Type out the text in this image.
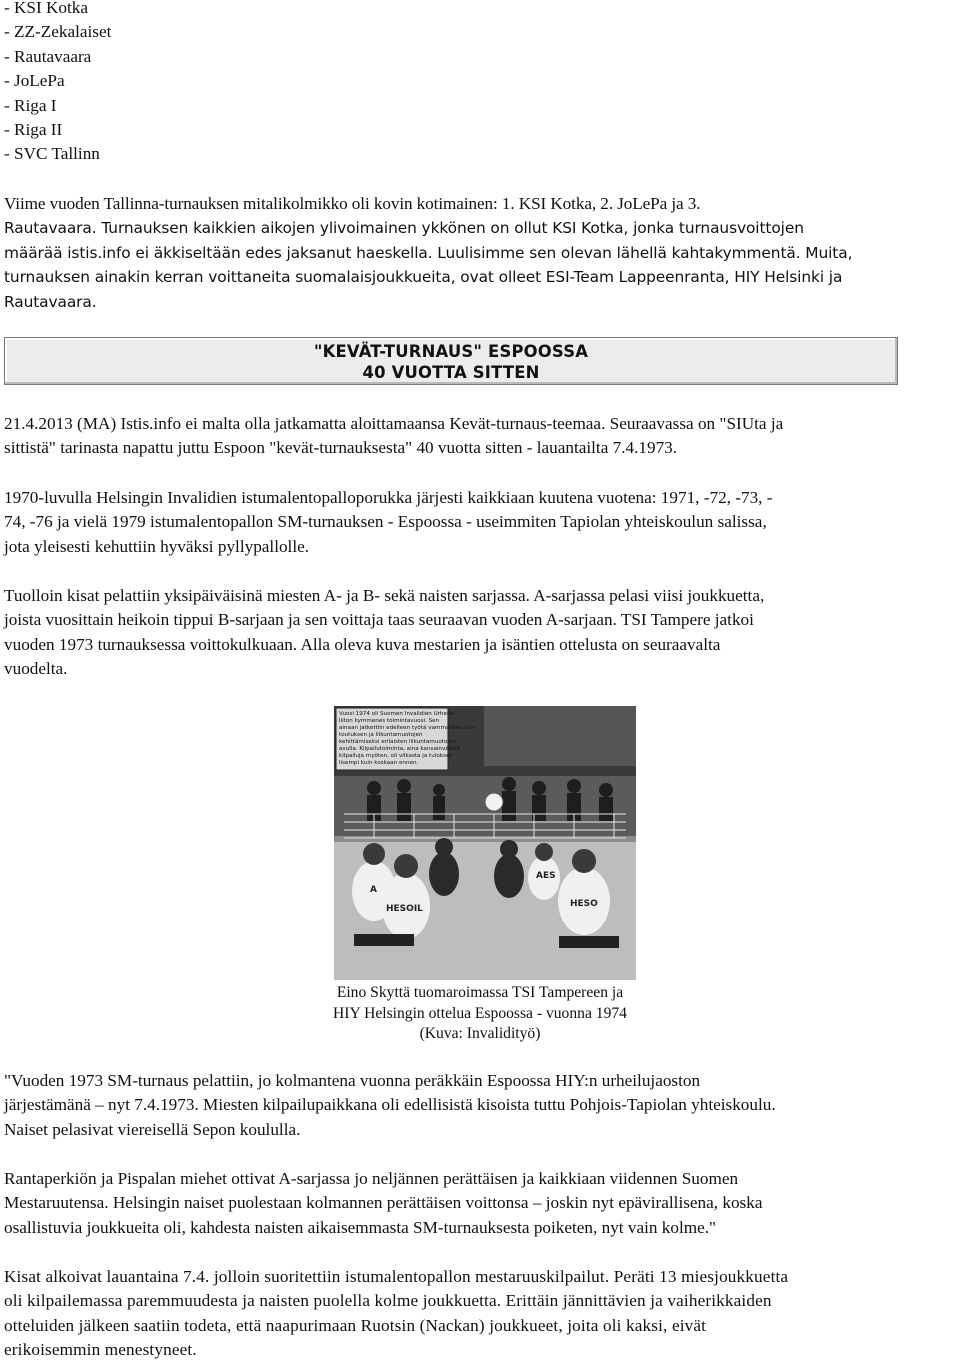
- KSI Kotka
- ZZ-Zekalaiset
- Rautavaara
- JoLePa
- Riga I
- Riga II
- SVC Tallinn
Viime vuoden Tallinna-turnauksen mitalikolmikko oli kovin kotimainen: 1. KSI Kotka, 2. JoLePa ja 3.
Rautavaara. Turnauksen kaikkien aikojen ylivoimainen ykkönen on ollut KSI Kotka, jonka turnausvoittojen
määrää istis.info ei äkkiseltään edes jaksanut haeskella. Luulisimme sen olevan lähellä kahtakymmentä. Muita,
turnauksen ainakin kerran voittaneita suomalaisjoukkueita, ovat olleet ESI-Team Lappeenranta, HIY Helsinki ja
Rautavaara.
"KEVÄT-TURNAUS" ESPOOSSA
40 VUOTTA SITTEN
21.4.2013 (MA) Istis.info ei malta olla jatkamatta aloittamaansa Kevät-turnaus-teemaa. Seuraavassa on "SIUta ja
sittistä" tarinasta napattu juttu Espoon "kevät-turnauksesta" 40 vuotta sitten - lauantailta 7.4.1973.
1970-luvulla Helsingin Invalidien istumalentopalloporukka järjesti kaikkiaan kuutena vuotena: 1971, -72, -73, -
74, -76 ja vielä 1979 istumalentopallon SM-turnauksen - Espoossa - useimmiten Tapiolan yhteiskoulun salissa,
jota yleisesti kehuttiin hyväksi pyllypallolle.
Tuolloin kisat pelattiin yksipäiväisinä miesten A- ja B- sekä naisten sarjassa. A-sarjassa pelasi viisi joukkuetta,
joista vuosittain heikoin tippui B-sarjaan ja sen voittaja taas seuraavan vuoden A-sarjaan. TSI Tampere jatkoi
vuoden 1973 turnauksessa voittokulkuaan. Alla oleva kuva mestarien ja isäntien ottelusta on seuraavalta
vuodelta.
Vuosi 1974 oli Suomen Invalidien Urheilu-
liiton kymmenes toimintavuosi. Sen
ainaan jatkettiin edelleen työtä vammaisten kun-
toutuksen ja liikuntamuotojen
kehittämiseksi erilaisten liikuntamuotojen
avulla. Kilpailutoiminta, aina kansainvälisiä
kilpailuja myöten, oli vilkasta ja tuloksel-
lisempi kuin koskaan ennen.
A
HESOIL
AES
HESO
Eino Skyttä tuomaroimassa TSI Tampereen ja
HIY Helsingin ottelua Espoossa - vuonna 1974
(Kuva: Invalidityö)
"Vuoden 1973 SM-turnaus pelattiin, jo kolmantena vuonna peräkkäin Espoossa HIY:n urheilujaoston
järjestämänä – nyt 7.4.1973. Miesten kilpailupaikkana oli edellisistä kisoista tuttu Pohjois-Tapiolan yhteiskoulu.
Naiset pelasivat viereisellä Sepon koululla.
Rantaperkiön ja Pispalan miehet ottivat A-sarjassa jo neljännen perättäisen ja kaikkiaan viidennen Suomen
Mestaruutensa. Helsingin naiset puolestaan kolmannen perättäisen voittonsa – joskin nyt epävirallisena, koska
osallistuvia joukkueita oli, kahdesta naisten aikaisemmasta SM-turnauksesta poiketen, nyt vain kolme."
Kisat alkoivat lauantaina 7.4. jolloin suoritettiin istumalentopallon mestaruuskilpailut. Peräti 13 miesjoukkuetta
oli kilpailemassa paremmuudesta ja naisten puolella kolme joukkuetta. Erittäin jännittävien ja vaiherikkaiden
otteluiden jälkeen saatiin todeta, että naapurimaan Ruotsin (Nackan) joukkueet, joita oli kaksi, eivät
erikoisemmin menestyneet.
